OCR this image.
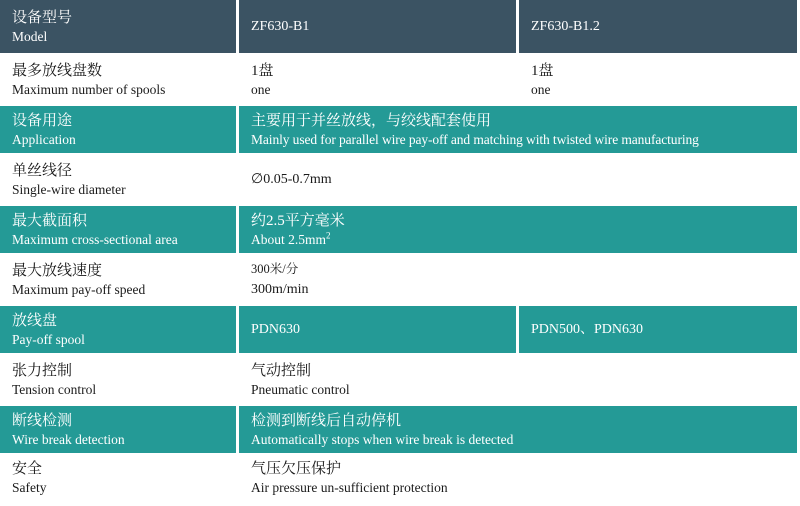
设备型号
Model
ZF630-B1	ZF630-B1.2
最多放线盘数
Maximum number of spools
1盘
one
1盘
one
设备用途
Application
主要用于并丝放线，与绞线配套使用
Mainly used for parallel wire pay-off and matching with twisted wire manufacturing
单丝线径
Single-wire diameter
∅0.05-0.7mm
最大截面积
Maximum cross-sectional area
约2.5平方毫米
About $2.5mm^2$
最大放线速度
Maximum pay-off speed
300米/分
300m/min
放线盘
Pay-off spool
PDN630	PDN500、PDN630
张力控制
Tension control
气动控制
Pneumatic control
断线检测
Wire break detection
检测到断线后自动停机
Automatically stops when wire break is detected
安全
Safety
气压欠压保护
Air pressure un-sufficient protection
